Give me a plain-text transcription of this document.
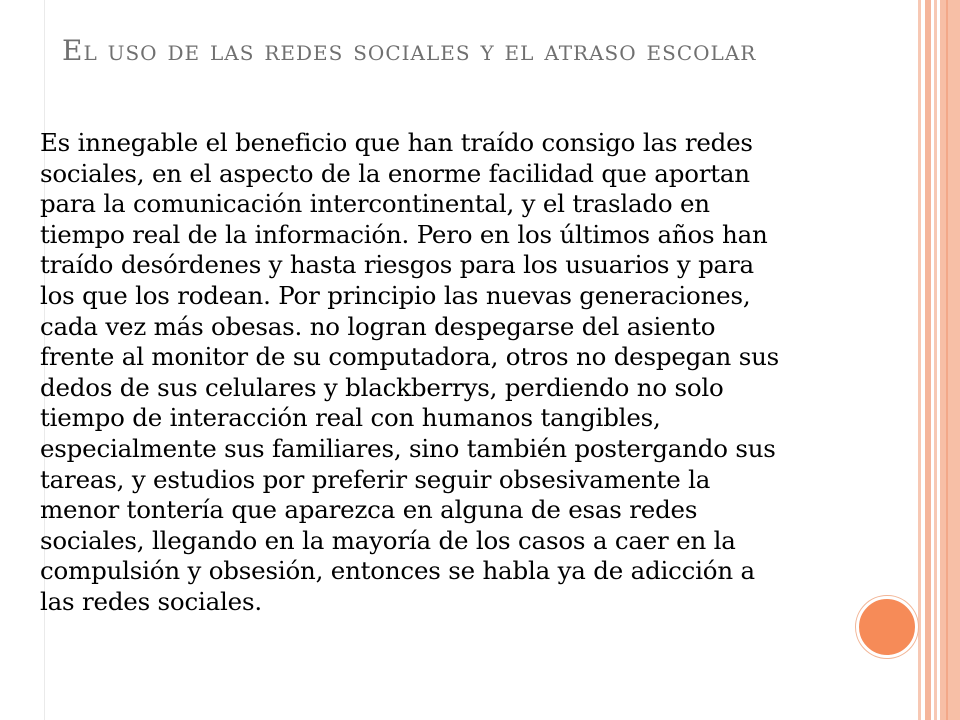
El uso de las redes sociales y el atraso escolar

Es innegable el beneficio que han traído consigo las redes
sociales, en el aspecto de la enorme facilidad que aportan
para la comunicación intercontinental, y el traslado en
tiempo real de la información. Pero en los últimos años han
traído desórdenes y hasta riesgos para los usuarios y para
los que los rodean. Por principio las nuevas generaciones,
cada vez más obesas. no logran despegarse del asiento
frente al monitor de su computadora, otros no despegan sus
dedos de sus celulares y blackberrys, perdiendo no solo
tiempo de interacción real con humanos tangibles,
especialmente sus familiares, sino también postergando sus
tareas, y estudios por preferir seguir obsesivamente la
menor tontería que aparezca en alguna de esas redes
sociales, llegando en la mayoría de los casos a caer en la
compulsión y obsesión, entonces se habla ya de adicción a
las redes sociales.
